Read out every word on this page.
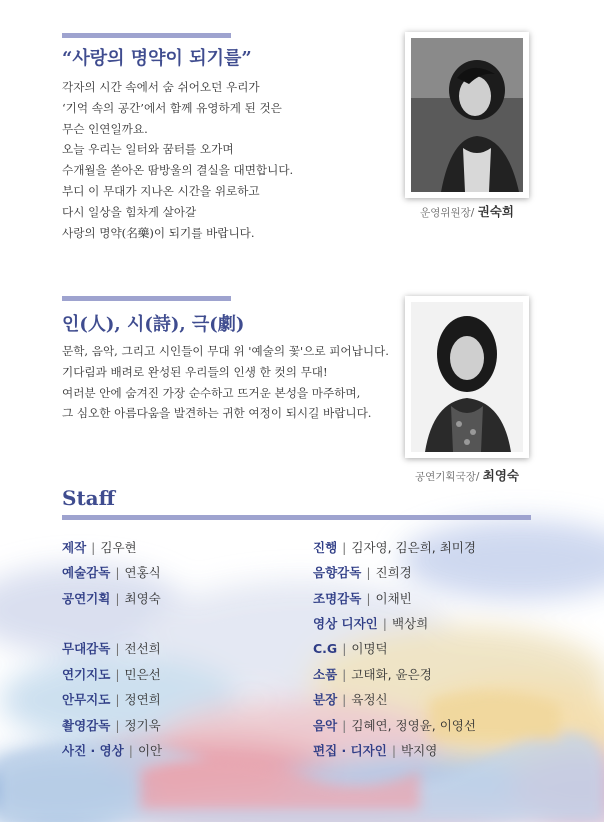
“사랑의 명약이 되기를”
각자의 시간 속에서 숨 쉬어오던 우리가
‘기억 속의 공간’에서 함께 유영하게 된 것은
무슨 인연일까요.
오늘 우리는 일터와 꿈터를 오가며
수개월을 쏟아온 땀방울의 결실을 대면합니다.
부디 이 무대가 지나온 시간을 위로하고
다시 일상을 힘차게 살아갈
사랑의 명약(名藥)이 되기를 바랍니다.
운영위원장/ 권숙희
인(人), 시(詩), 극(劇)
문학, 음악, 그리고 시인들이 무대 위 '예술의 꽃'으로 피어납니다.
기다림과 배려로 완성된 우리들의 인생 한 컷의 무대!
여러분 안에 숨겨진 가장 순수하고 뜨거운 본성을 마주하며,
그 심오한 아름다움을 발견하는 귀한 여정이 되시길 바랍니다.
공연기획국장/ 최영숙
Staff
제작 | 김우현
예술감독 | 연홍식
공연기획 | 최영숙
무대감독 | 전선희
연기지도 | 민은선
안무지도 | 정연희
촬영감독 | 정기욱
사진 · 영상 | 이안
진행 | 김자영, 김은희, 최미경
음향감독 | 진희경
조명감독 | 이채빈
영상 디자인 | 백상희
C.G | 이명덕
소품 | 고태화, 윤은경
분장 | 육정신
음악 | 김혜연, 정영윤, 이영선
편집 · 디자인 | 박지영
